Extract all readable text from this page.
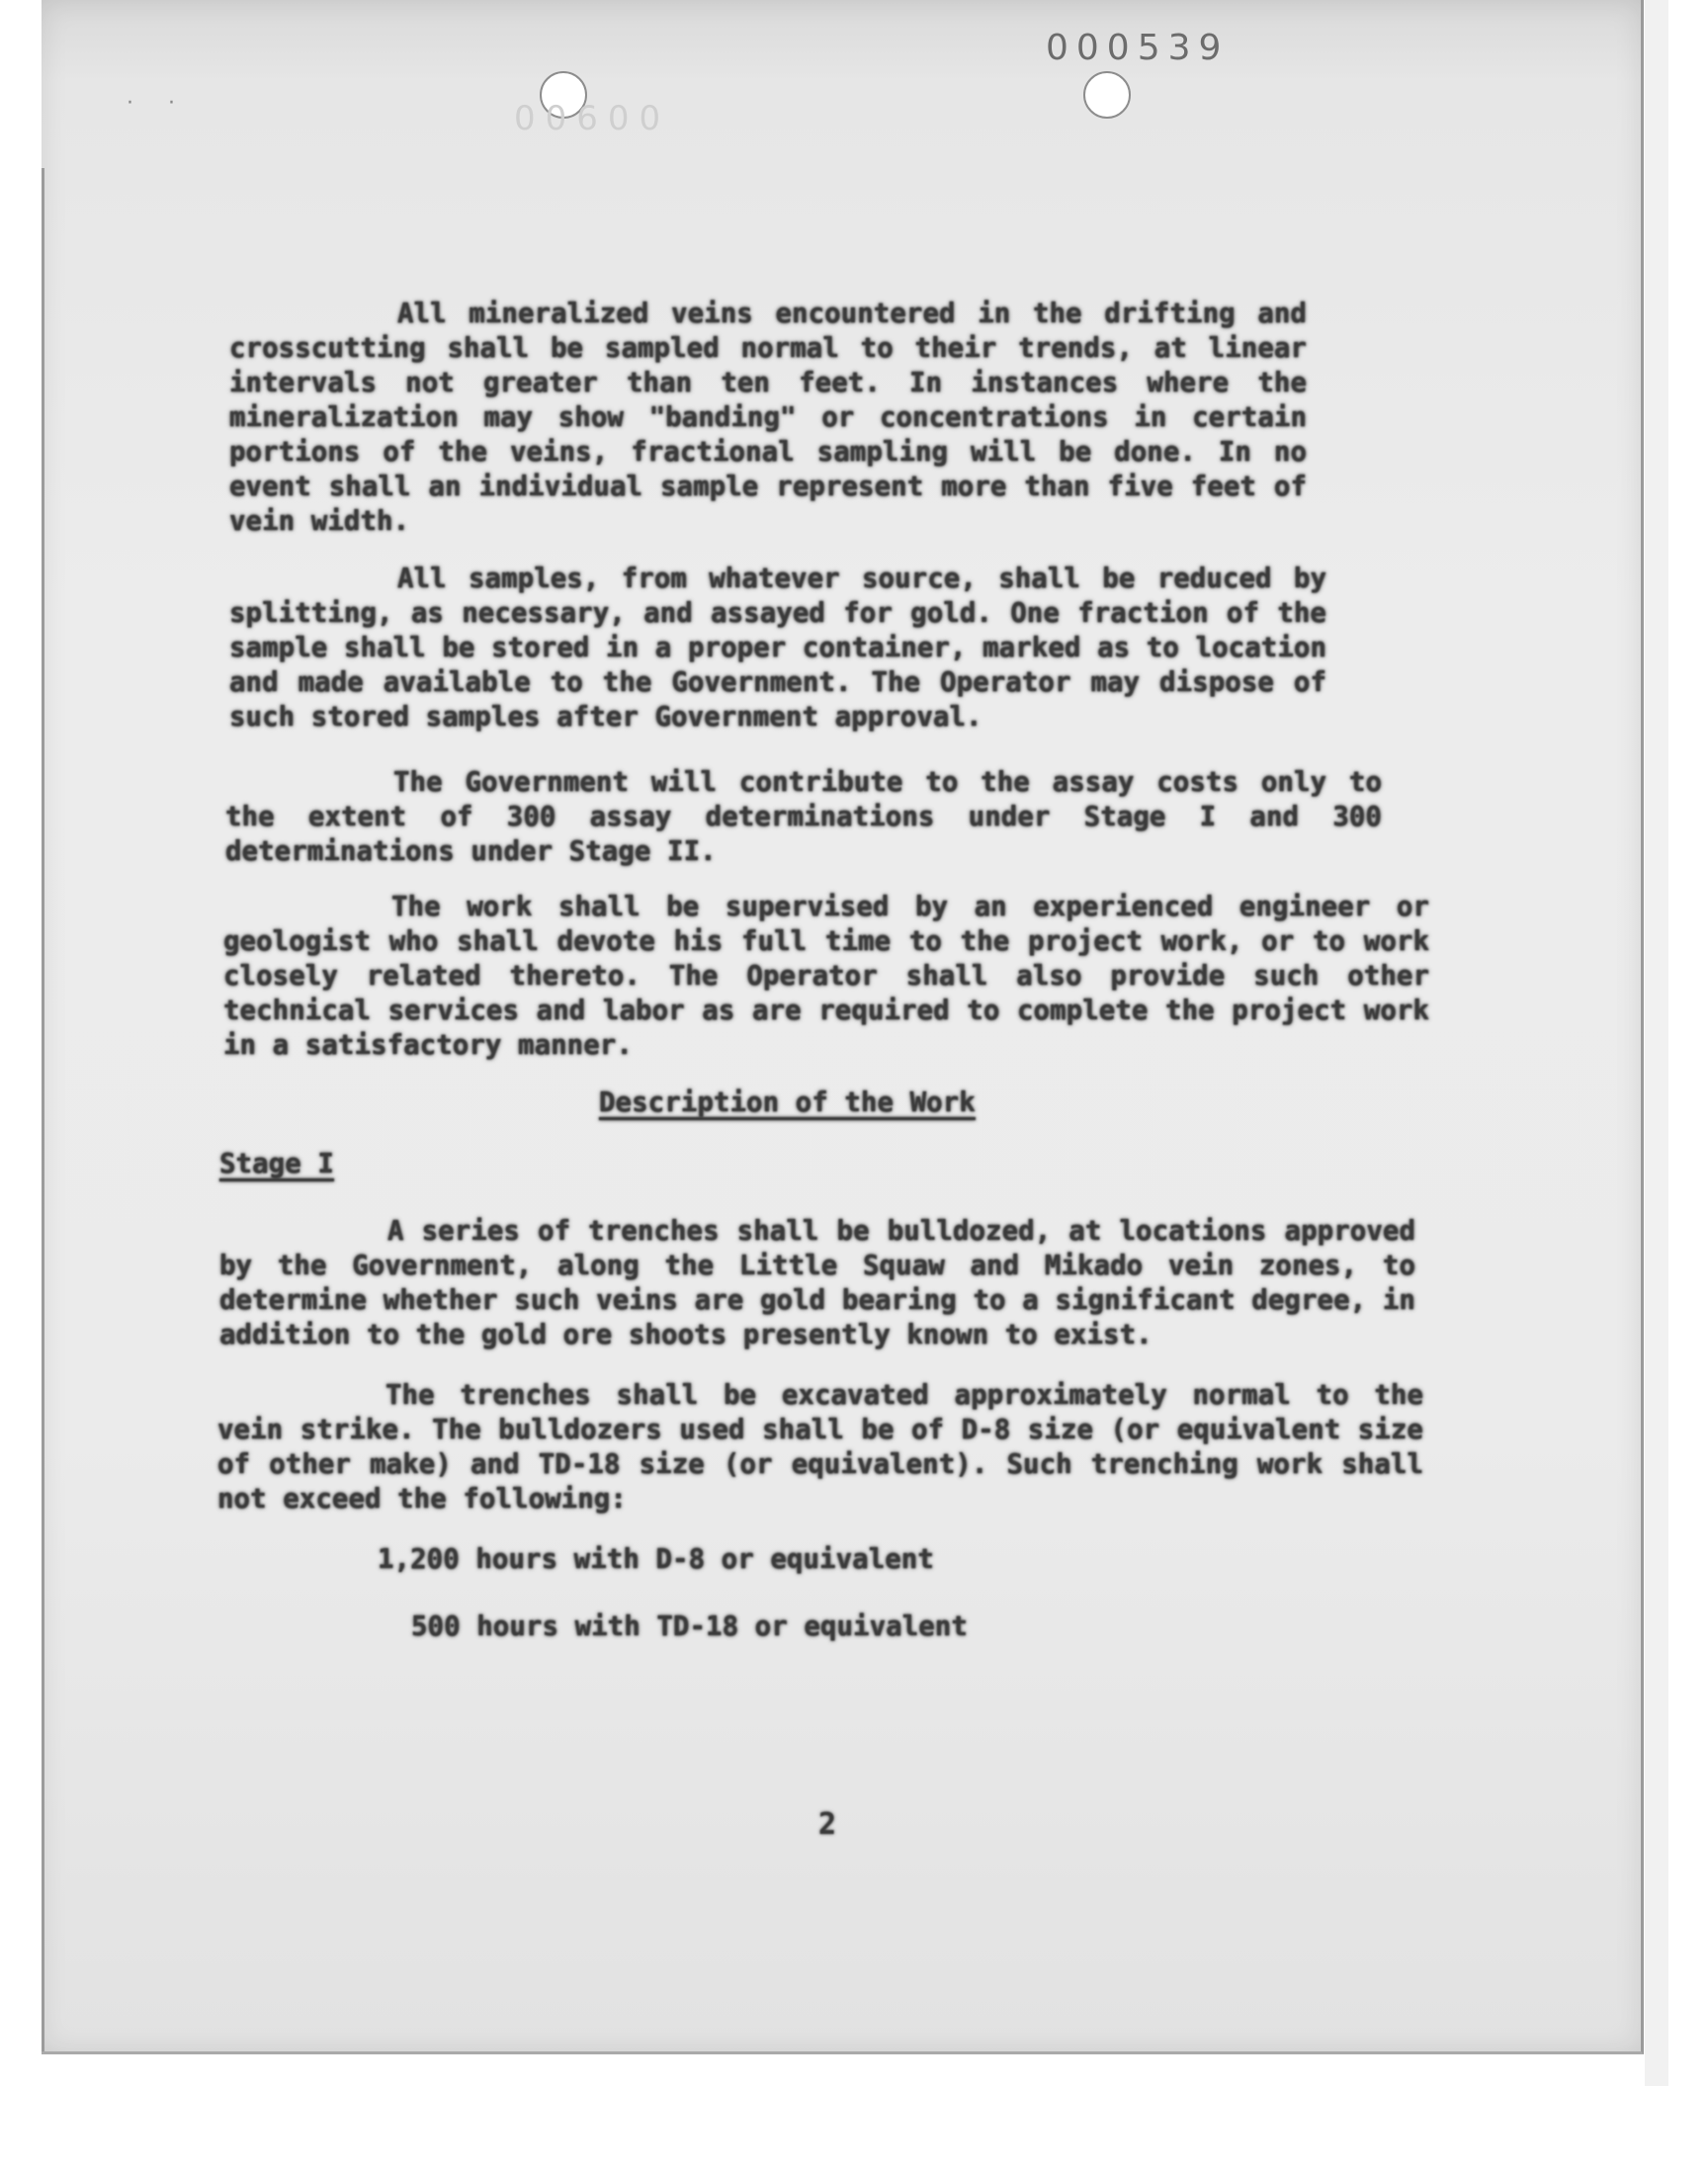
· ·
000539
00600

All mineralized veins encountered in the drifting and crosscutting shall be sampled normal to their trends, at linear intervals not greater than ten feet. In instances where the mineralization may show "banding" or concentrations in certain portions of the veins, fractional sampling will be done. In no event shall an individual sample represent more than five feet of vein width.

All samples, from whatever source, shall be reduced by splitting, as necessary, and assayed for gold. One fraction of the sample shall be stored in a proper container, marked as to location and made available to the Government. The Operator may dispose of such stored samples after Government approval.

The Government will contribute to the assay costs only to the extent of 300 assay determinations under Stage I and 300 determinations under Stage II.

The work shall be supervised by an experienced engineer or geologist who shall devote his full time to the project work, or to work closely related thereto. The Operator shall also provide such other technical services and labor as are required to complete the project work in a satisfactory manner.

Description of the Work
Stage I

A series of trenches shall be bulldozed, at locations approved by the Government, along the Little Squaw and Mikado vein zones, to determine whether such veins are gold bearing to a significant degree, in addition to the gold ore shoots presently known to exist.

The trenches shall be excavated approximately normal to the vein strike. The bulldozers used shall be of D-8 size (or equivalent size of other make) and TD-18 size (or equivalent). Such trenching work shall not exceed the following:

1,200 hours with D-8 or equivalent

500 hours with TD-18 or equivalent

2
